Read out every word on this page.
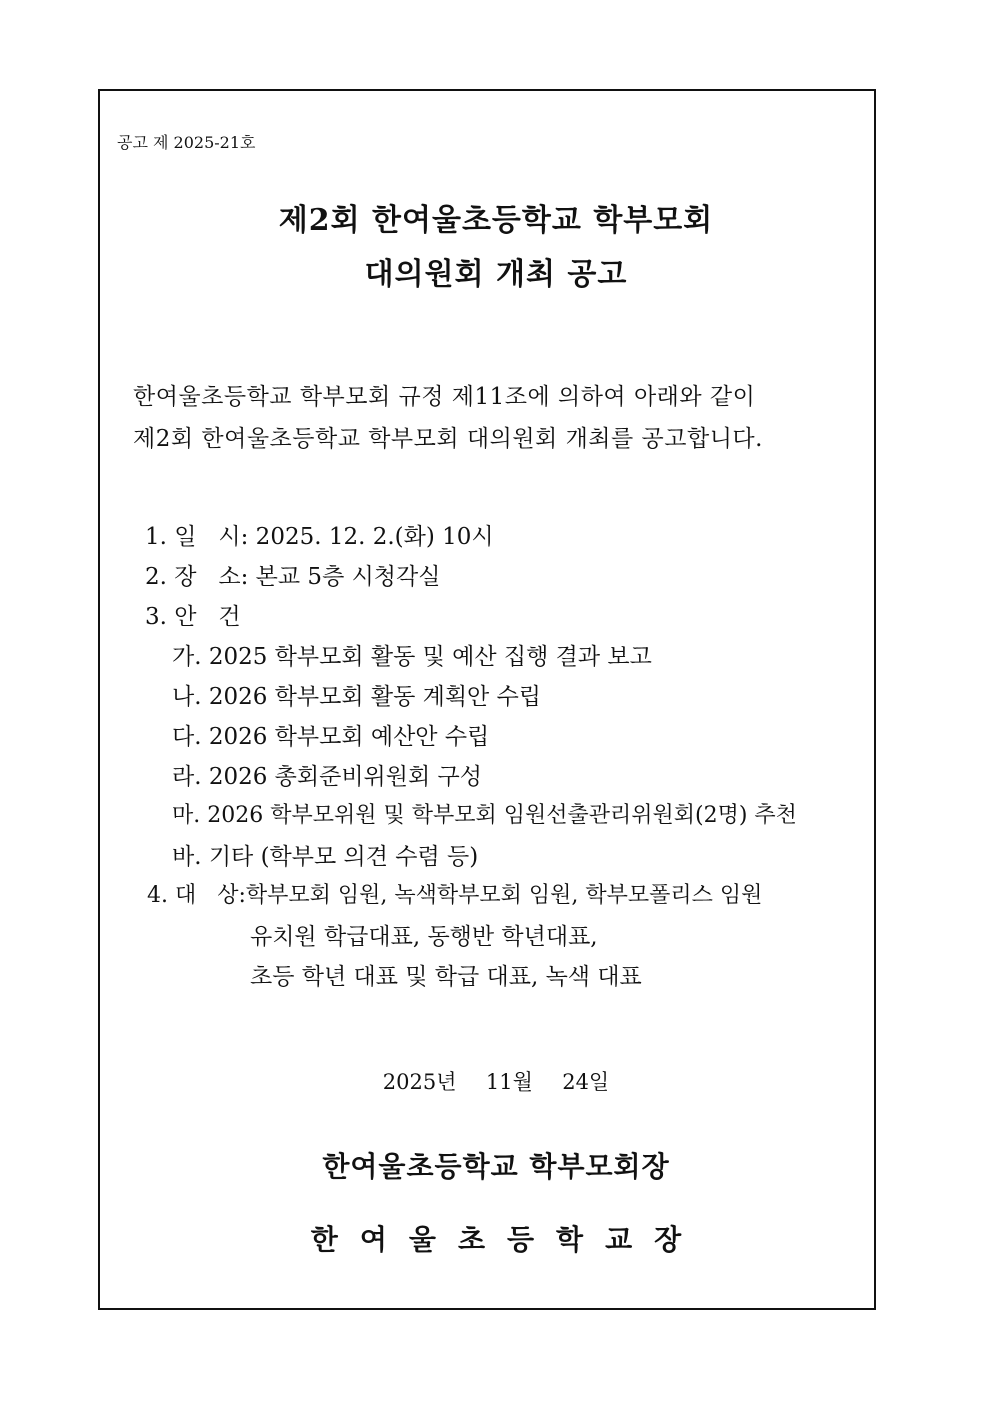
공고 제 2025-21호
제2회 한여울초등학교 학부모회
대의원회 개최 공고
한여울초등학교 학부모회 규정 제11조에 의하여 아래와 같이
제2회 한여울초등학교 학부모회 대의원회 개최를 공고합니다.
1. 일   시: 2025. 12. 2.(화) 10시
2. 장   소: 본교 5층 시청각실
3. 안   건
가. 2025 학부모회 활동 및 예산 집행 결과 보고
나. 2026 학부모회 활동 계획안 수립
다. 2026 학부모회 예산안 수립
라. 2026 총회준비위원회 구성
마. 2026 학부모위원 및 학부모회 임원선출관리위원회(2명) 추천
바. 기타 (학부모 의견 수렴 등)
4. 대   상:학부모회 임원, 녹색학부모회 임원, 학부모폴리스 임원
유치원 학급대표, 동행반 학년대표,
초등 학년 대표 및 학급 대표, 녹색 대표
2025년  11월  24일
한여울초등학교 학부모회장
한여울초등학교장
